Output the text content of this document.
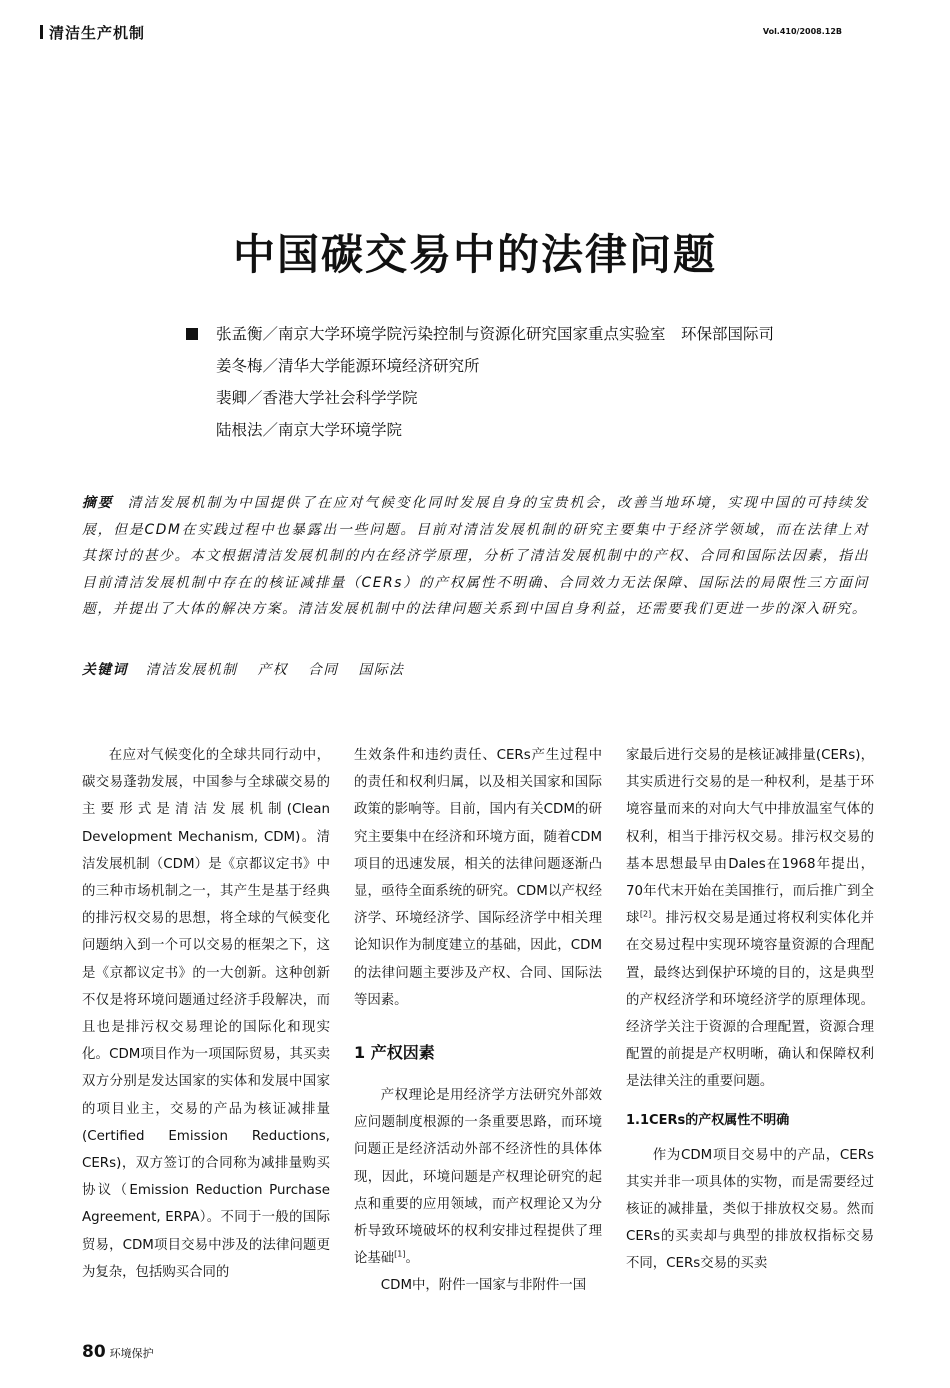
清洁生产机制	Vol.410/2008.12B
中国碳交易中的法律问题
张孟衡／南京大学环境学院污染控制与资源化研究国家重点实验室　环保部国际司
姜冬梅／清华大学能源环境经济研究所
裴卿／香港大学社会科学学院
陆根法／南京大学环境学院
摘要 清洁发展机制为中国提供了在应对气候变化同时发展自身的宝贵机会，改善当地环境，实现中国的可持续发展，但是CDM在实践过程中也暴露出一些问题。目前对清洁发展机制的研究主要集中于经济学领域，而在法律上对其探讨的甚少。本文根据清洁发展机制的内在经济学原理，分析了清洁发展机制中的产权、合同和国际法因素，指出目前清洁发展机制中存在的核证减排量（CERs）的产权属性不明确、合同效力无法保障、国际法的局限性三方面问题，并提出了大体的解决方案。清洁发展机制中的法律问题关系到中国自身利益，还需要我们更进一步的深入研究。
关键词 清洁发展机制 产权 合同 国际法

在应对气候变化的全球共同行动中，碳交易蓬勃发展，中国参与全球碳交易的主要形式是清洁发展机制(Clean Development Mechanism, CDM)。清洁发展机制（CDM）是《京都议定书》中的三种市场机制之一，其产生是基于经典的排污权交易的思想，将全球的气候变化问题纳入到一个可以交易的框架之下，这是《京都议定书》的一大创新。这种创新不仅是将环境问题通过经济手段解决，而且也是排污权交易理论的国际化和现实化。CDM项目作为一项国际贸易，其买卖双方分别是发达国家的实体和发展中国家的项目业主，交易的产品为核证减排量(Certified Emission Reductions, CERs)，双方签订的合同称为减排量购买协议（Emission Reduction Purchase Agreement, ERPA）。不同于一般的国际贸易，CDM项目交易中涉及的法律问题更为复杂，包括购买合同的

生效条件和违约责任、CERs产生过程中的责任和权利归属，以及相关国家和国际政策的影响等。目前，国内有关CDM的研究主要集中在经济和环境方面，随着CDM项目的迅速发展，相关的法律问题逐渐凸显，亟待全面系统的研究。CDM以产权经济学、环境经济学、国际经济学中相关理论知识作为制度建立的基础，因此，CDM的法律问题主要涉及产权、合同、国际法等因素。

1 产权因素

产权理论是用经济学方法研究外部效应问题制度根源的一条重要思路，而环境问题正是经济活动外部不经济性的具体体现，因此，环境问题是产权理论研究的起点和重要的应用领域，而产权理论又为分析导致环境破坏的权利安排过程提供了理论基础[1]。

CDM中，附件一国家与非附件一国

家最后进行交易的是核证减排量(CERs)，其实质进行交易的是一种权利，是基于环境容量而来的对向大气中排放温室气体的权利，相当于排污权交易。排污权交易的基本思想最早由Dales在1968年提出，70年代末开始在美国推行，而后推广到全球[2]。排污权交易是通过将权利实体化并在交易过程中实现环境容量资源的合理配置，最终达到保护环境的目的，这是典型的产权经济学和环境经济学的原理体现。经济学关注于资源的合理配置，资源合理配置的前提是产权明晰，确认和保障权利是法律关注的重要问题。

1.1CERs的产权属性不明确

作为CDM项目交易中的产品，CERs其实并非一项具体的实物，而是需要经过核证的减排量，类似于排放权交易。然而CERs的买卖却与典型的排放权指标交易不同，CERs交易的买卖

80 环境保护
